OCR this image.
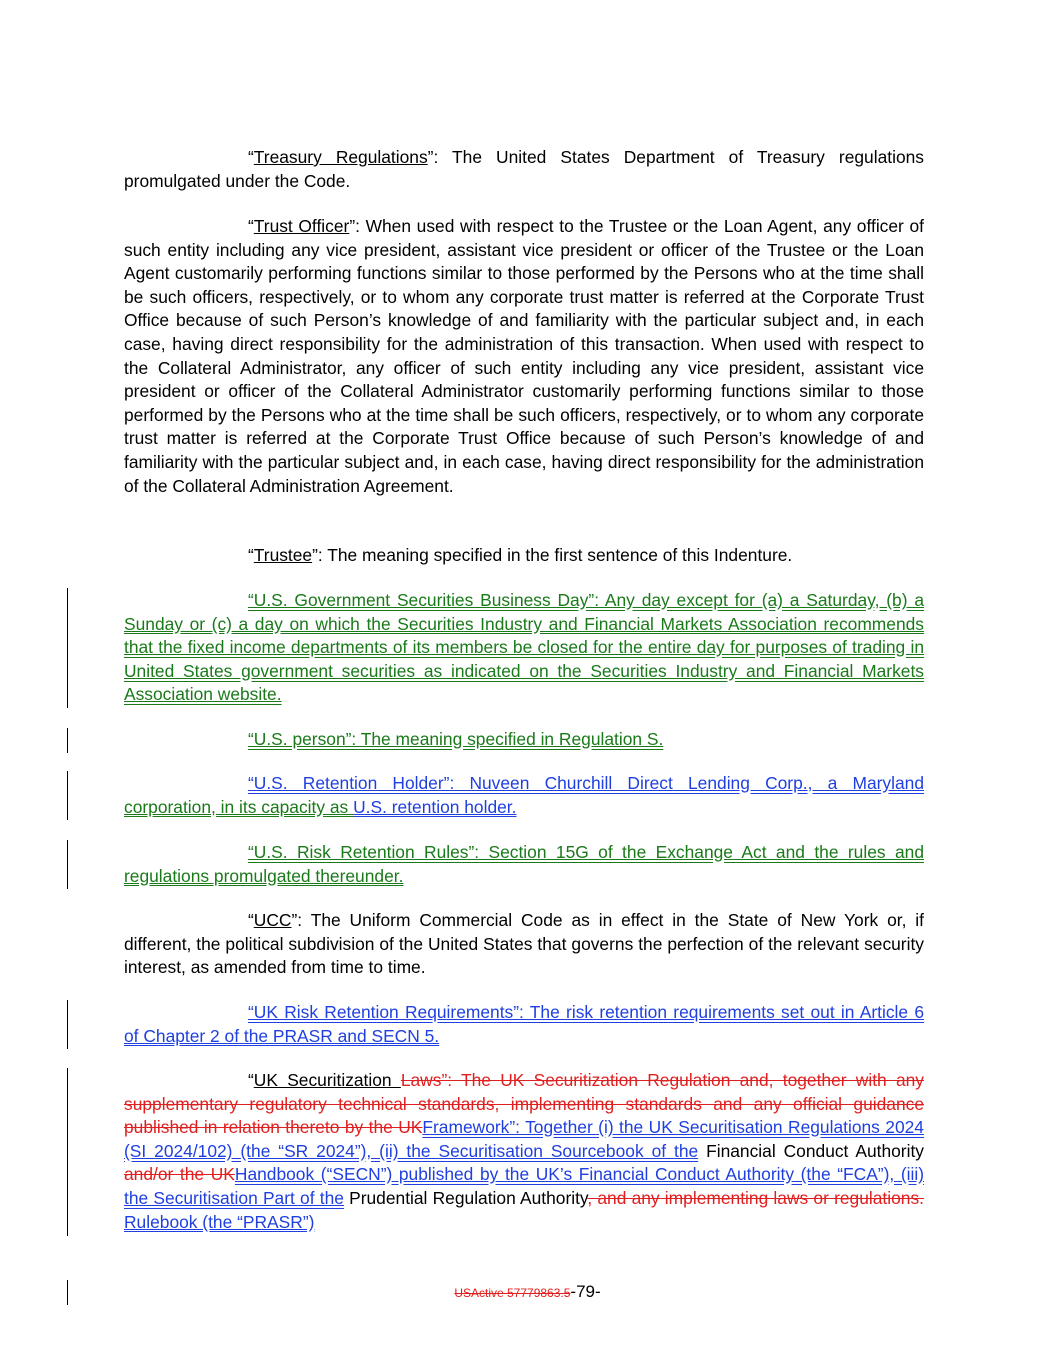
“Treasury Regulations”: The United States Department of Treasury regulations promulgated under the Code.

“Trust Officer”: When used with respect to the Trustee or the Loan Agent, any officer of such entity including any vice president, assistant vice president or officer of the Trustee or the Loan Agent customarily performing functions similar to those performed by the Persons who at the time shall be such officers, respectively, or to whom any corporate trust matter is referred at the Corporate Trust Office because of such Person’s knowledge of and familiarity with the particular subject and, in each case, having direct responsibility for the administration of this transaction. When used with respect to the Collateral Administrator, any officer of such entity including any vice president, assistant vice president or officer of the Collateral Administrator customarily performing functions similar to those performed by the Persons who at the time shall be such officers, respectively, or to whom any corporate trust matter is referred at the Corporate Trust Office because of such Person’s knowledge of and familiarity with the particular subject and, in each case, having direct responsibility for the administration of the Collateral Administration Agreement.

“Trustee”: The meaning specified in the first sentence of this Indenture.

“U.S. Government Securities Business Day”: Any day except for (a) a Saturday, (b) a Sunday or (c) a day on which the Securities Industry and Financial Markets Association recommends that the fixed income departments of its members be closed for the entire day for purposes of trading in United States government securities as indicated on the Securities Industry and Financial Markets Association website.

“U.S. person”: The meaning specified in Regulation S.

“U.S. Retention Holder”: Nuveen Churchill Direct Lending Corp., a Maryland corporation, in its capacity as U.S. retention holder.

“U.S. Risk Retention Rules”: Section 15G of the Exchange Act and the rules and regulations promulgated thereunder.

“UCC”: The Uniform Commercial Code as in effect in the State of New York or, if different, the political subdivision of the United States that governs the perfection of the relevant security interest, as amended from time to time.

“UK Risk Retention Requirements”: The risk retention requirements set out in Article 6 of Chapter 2 of the PRASR and SECN 5.

“UK Securitization Laws”: The UK Securitization Regulation and, together with any supplementary regulatory technical standards, implementing standards and any official guidance published in relation thereto by the UKFramework”: Together (i) the UK Securitisation Regulations 2024 (SI 2024/102) (the “SR 2024”), (ii) the Securitisation Sourcebook of the Financial Conduct Authority and/or the UKHandbook (“SECN”) published by the UK’s Financial Conduct Authority (the “FCA”), (iii) the Securitisation Part of the Prudential Regulation Authority, and any implementing laws or regulations. Rulebook (the “PRASR”)

USActive 57779863.5-79-
